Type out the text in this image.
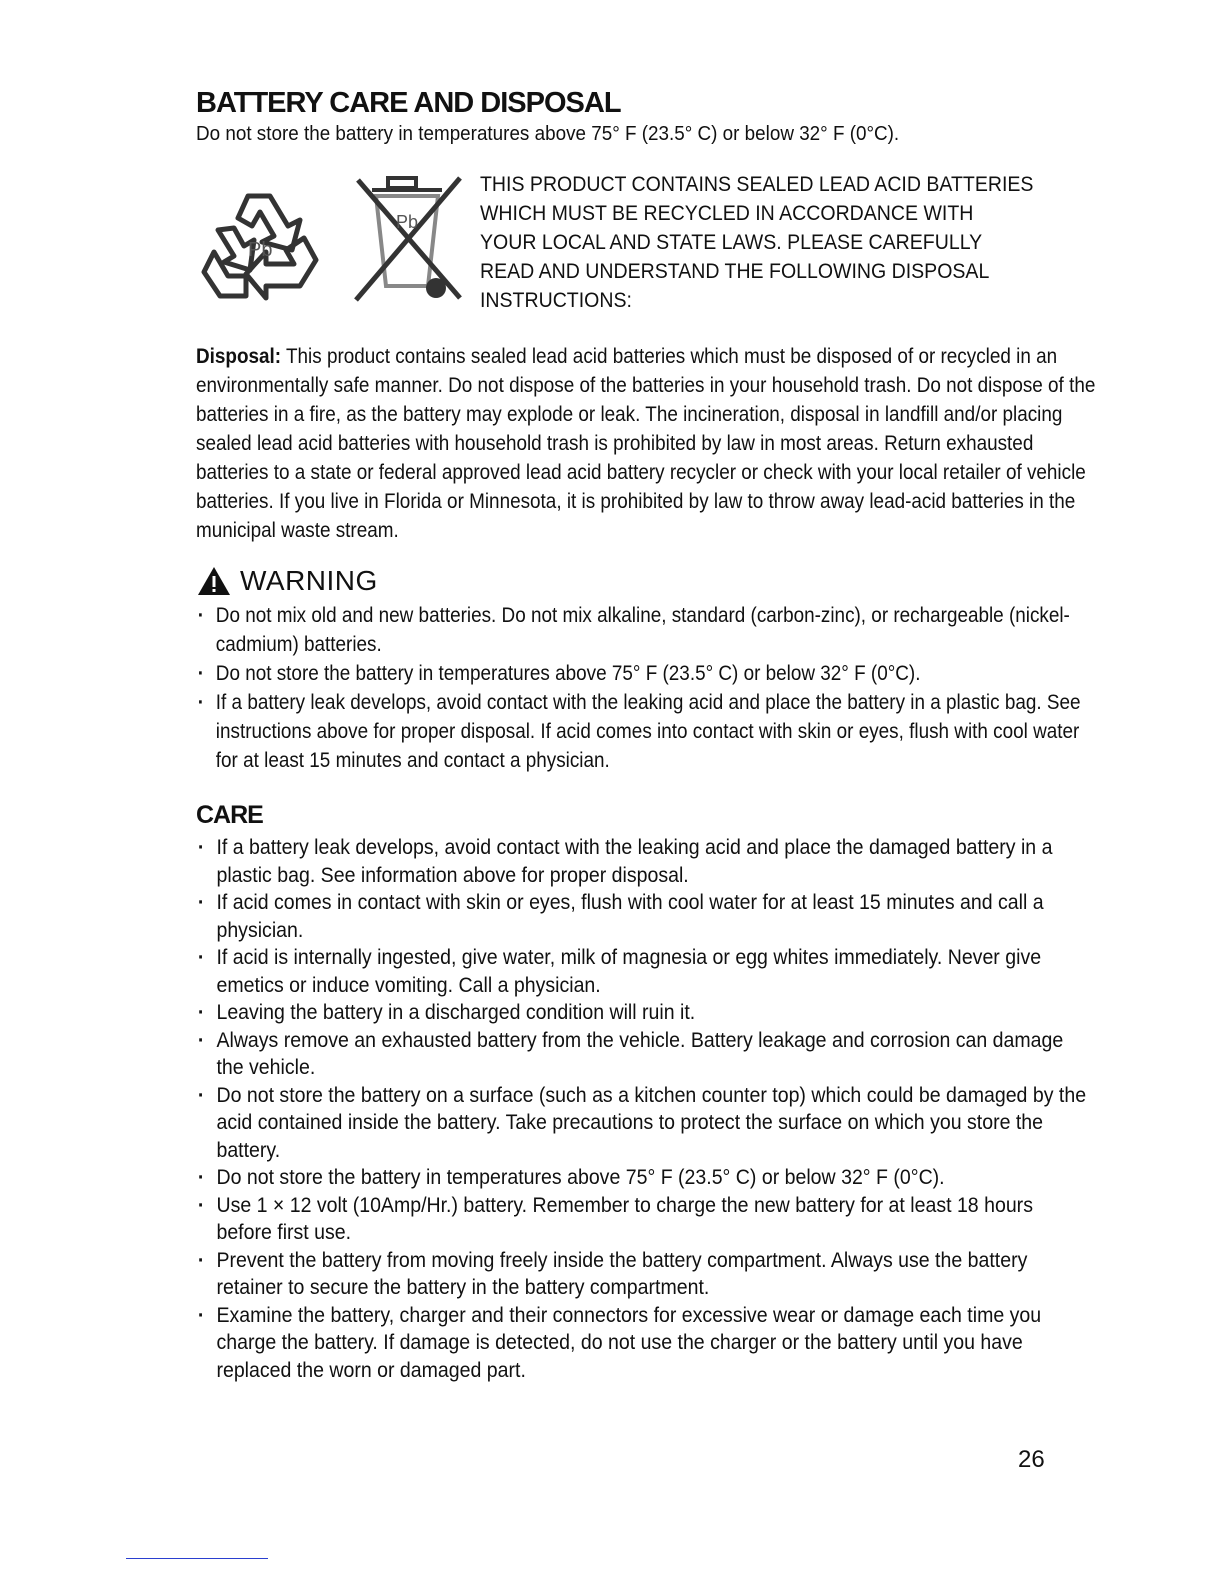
BATTERY CARE AND DISPOSAL

Do not store the battery in temperatures above 75° F (23.5° C) or below 32° F (0°C).

Pb
Pb
THIS PRODUCT CONTAINS SEALED LEAD ACID BATTERIES
WHICH MUST BE RECYCLED IN ACCORDANCE WITH
YOUR LOCAL AND STATE LAWS. PLEASE CAREFULLY
READ AND UNDERSTAND THE FOLLOWING DISPOSAL
INSTRUCTIONS:
Disposal: This product contains sealed lead acid batteries which must be disposed of or recycled in an environmentally safe manner. Do not dispose of the batteries in your household trash. Do not dispose of the batteries in a fire, as the battery may explode or leak. The incineration, disposal in landfill and/or placing sealed lead acid batteries with household trash is prohibited by law in most areas. Return exhausted batteries to a state or federal approved lead acid battery recycler or check with your local retailer of vehicle batteries. If you live in Florida or Minnesota, it is prohibited by law to throw away lead-acid batteries in the municipal waste stream.
WARNING
· Do not mix old and new batteries. Do not mix alkaline, standard (carbon-zinc), or rechargeable (nickel-cadmium) batteries.
· Do not store the battery in temperatures above 75° F (23.5° C) or below 32° F (0°C).
· If a battery leak develops, avoid contact with the leaking acid and place the battery in a plastic bag. See instructions above for proper disposal. If acid comes into contact with skin or eyes, flush with cool water for at least 15 minutes and contact a physician.
CARE
· If a battery leak develops, avoid contact with the leaking acid and place the damaged battery in a plastic bag. See information above for proper disposal.
· If acid comes in contact with skin or eyes, flush with cool water for at least 15 minutes and call a physician.
· If acid is internally ingested, give water, milk of magnesia or egg whites immediately. Never give emetics or induce vomiting. Call a physician.
· Leaving the battery in a discharged condition will ruin it.
· Always remove an exhausted battery from the vehicle. Battery leakage and corrosion can damage the vehicle.
· Do not store the battery on a surface (such as a kitchen counter top) which could be damaged by the acid contained inside the battery. Take precautions to protect the surface on which you store the battery.
· Do not store the battery in temperatures above 75° F (23.5° C) or below 32° F (0°C).
· Use 1 × 12 volt (10Amp/Hr.) battery. Remember to charge the new battery for at least 18 hours before first use.
· Prevent the battery from moving freely inside the battery compartment. Always use the battery retainer to secure the battery in the battery compartment.
· Examine the battery, charger and their connectors for excessive wear or damage each time you charge the battery. If damage is detected, do not use the charger or the battery until you have replaced the worn or damaged part.
26
